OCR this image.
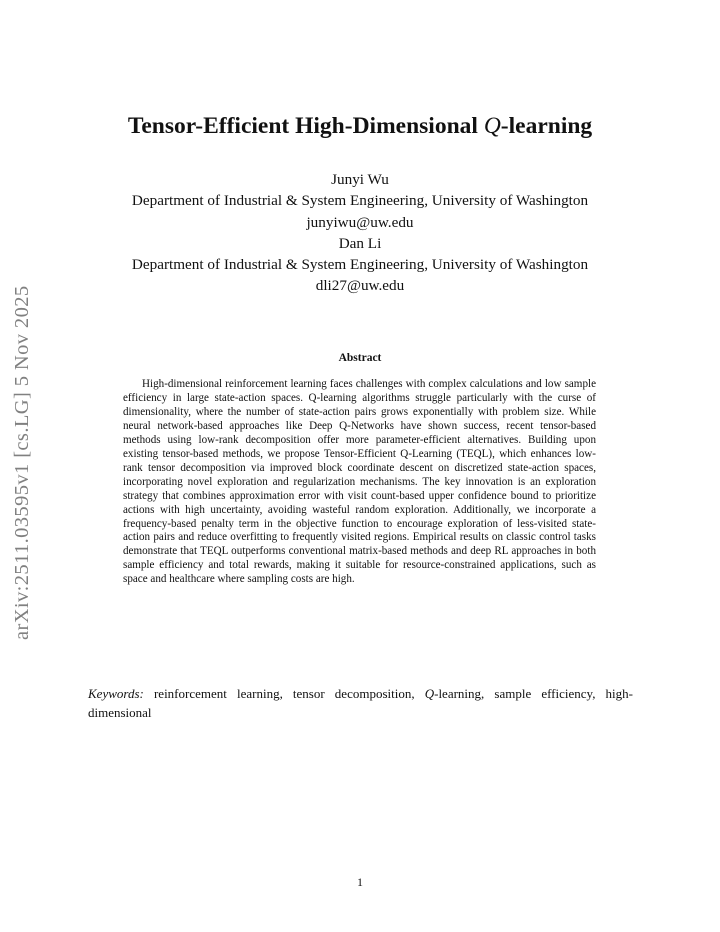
arXiv:2511.03595v1 [cs.LG] 5 Nov 2025
Tensor-Efficient High-Dimensional Q-learning
Junyi Wu
Department of Industrial & System Engineering, University of Washington
junyiwu@uw.edu
Dan Li
Department of Industrial & System Engineering, University of Washington
dli27@uw.edu
Abstract

High-dimensional reinforcement learning faces challenges with complex calculations and low sample efficiency in large state-action spaces. Q-learning algorithms struggle particularly with the curse of dimensionality, where the number of state-action pairs grows exponentially with problem size. While neural network-based approaches like Deep Q-Networks have shown success, recent tensor-based methods using low-rank decomposition offer more parameter-efficient alternatives. Building upon existing tensor-based methods, we propose Tensor-Efficient Q-Learning (TEQL), which enhances low-rank tensor decomposition via improved block coordinate descent on discretized state-action spaces, incorporating novel exploration and regularization mechanisms. The key innovation is an exploration strategy that combines approximation error with visit count-based upper confidence bound to prioritize actions with high uncertainty, avoiding wasteful random exploration. Additionally, we incorporate a frequency-based penalty term in the objective function to encourage exploration of less-visited state-action pairs and reduce overfitting to frequently visited regions. Empirical results on classic control tasks demonstrate that TEQL outperforms conventional matrix-based methods and deep RL approaches in both sample efficiency and total rewards, making it suitable for resource-constrained applications, such as space and healthcare where sampling costs are high.

Keywords: reinforcement learning, tensor decomposition, Q-learning, sample efficiency, high-dimensional
1
